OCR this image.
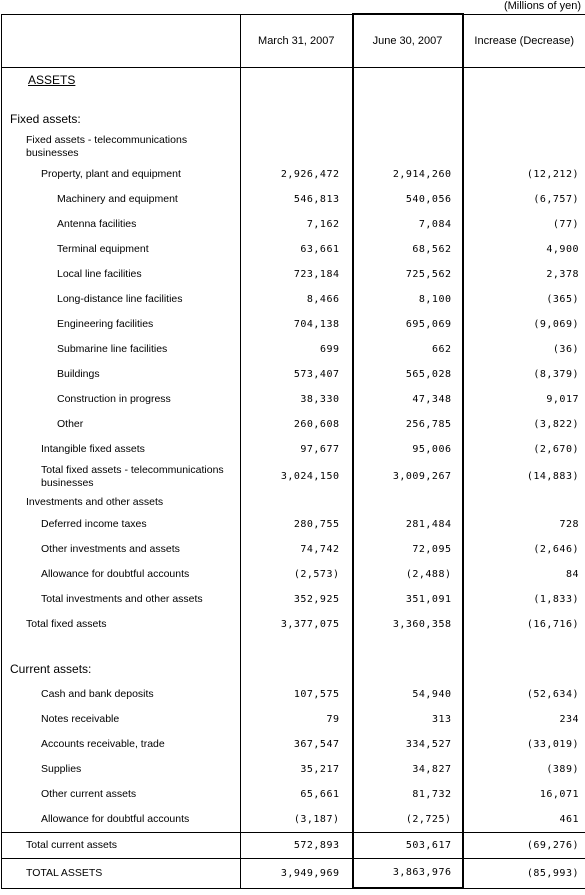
(Millions of yen)
	March 31, 2007	June 30, 2007	Increase (Decrease)
ASSETS			

Fixed assets:			
Fixed assets - telecommunications businesses			
Property, plant and equipment	2,926,472	2,914,260	(12,212)
Machinery and equipment	546,813	540,056	(6,757)
Antenna facilities	7,162	7,084	(77)
Terminal equipment	63,661	68,562	4,900
Local line facilities	723,184	725,562	2,378
Long-distance line facilities	8,466	8,100	(365)
Engineering facilities	704,138	695,069	(9,069)
Submarine line facilities	699	662	(36)
Buildings	573,407	565,028	(8,379)
Construction in progress	38,330	47,348	9,017
Other	260,608	256,785	(3,822)
Intangible fixed assets	97,677	95,006	(2,670)
Total fixed assets - telecommunications businesses	3,024,150	3,009,267	(14,883)
Investments and other assets			
Deferred income taxes	280,755	281,484	728
Other investments and assets	74,742	72,095	(2,646)
Allowance for doubtful accounts	(2,573)	(2,488)	84
Total investments and other assets	352,925	351,091	(1,833)
Total fixed assets	3,377,075	3,360,358	(16,716)

Current assets:			
Cash and bank deposits	107,575	54,940	(52,634)
Notes receivable	79	313	234
Accounts receivable, trade	367,547	334,527	(33,019)
Supplies	35,217	34,827	(389)
Other current assets	65,661	81,732	16,071
Allowance for doubtful accounts	(3,187)	(2,725)	461
Total current assets	572,893	503,617	(69,276)
TOTAL ASSETS	3,949,969	3,863,976	(85,993)
